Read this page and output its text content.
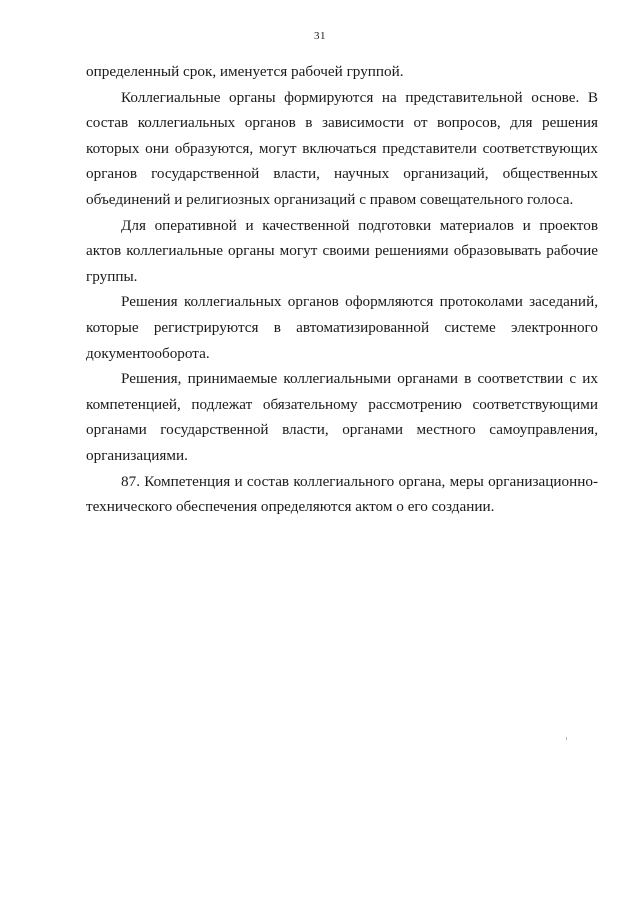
31

определенный срок, именуется рабочей группой.

Коллегиальные органы формируются на представительной основе. В состав коллегиальных органов в зависимости от вопросов, для решения которых они образуются, могут включаться представители соответствующих органов государственной власти, научных организаций, общественных объединений и религиозных организаций с правом совещательного голоса.

Для оперативной и качественной подготовки материалов и проектов актов коллегиальные органы могут своими решениями образовывать рабочие группы.

Решения коллегиальных органов оформляются протоколами заседаний, которые регистрируются в автоматизированной системе электронного документооборота.

Решения, принимаемые коллегиальными органами в соответствии с их компетенцией, подлежат обязательному рассмотрению соответствующими органами государственной власти, органами местного самоуправления, организациями.

87. Компетенция и состав коллегиального органа, меры организационно-технического обеспечения определяются актом о его создании.
